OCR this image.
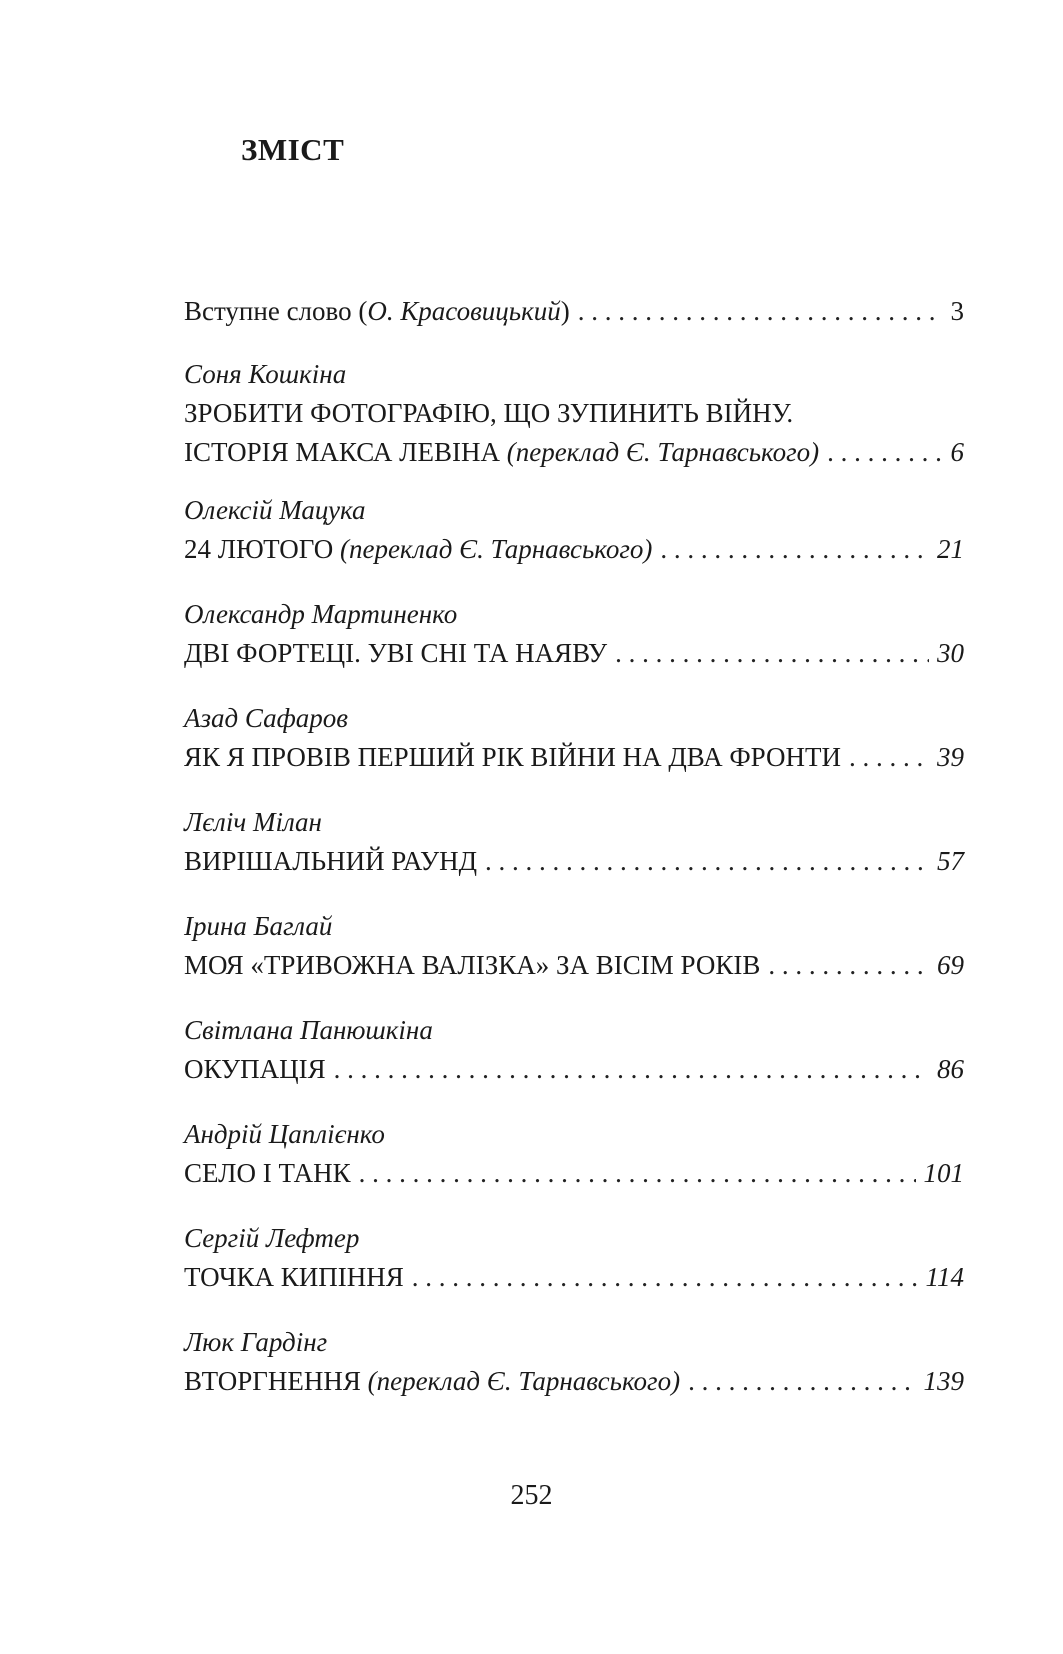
ЗМІСТ
Вступне слово (О. Красовицький) . . .	3
Соня Кошкіна
ЗРОБИТИ ФОТОГРАФІЮ, ЩО ЗУПИНИТЬ ВІЙНУ.
ІСТОРІЯ МАКСА ЛЕВІНА (переклад Є. Тарнавського) . . .	6
Олексій Мацука
24 ЛЮТОГО (переклад Є. Тарнавського) . . .	21
Олександр Мартиненко
ДВІ ФОРТЕЦІ. УВІ СНІ ТА НАЯВУ . . .	30
Азад Сафаров
ЯК Я ПРОВІВ ПЕРШИЙ РІК ВІЙНИ НА ДВА ФРОНТИ . . .	39
Лєліч Мілан
ВИРІШАЛЬНИЙ РАУНД . . .	57
Ірина Баглай
МОЯ «ТРИВОЖНА ВАЛІЗКА» ЗА ВІСІМ РОКІВ . . .	69
Світлана Панюшкіна
ОКУПАЦІЯ . . .	86
Андрій Цаплієнко
СЕЛО І ТАНК . . .	101
Сергій Лефтер
ТОЧКА КИПІННЯ . . .	114
Люк Гардінг
ВТОРГНЕННЯ (переклад Є. Тарнавського) . . .	139
252
